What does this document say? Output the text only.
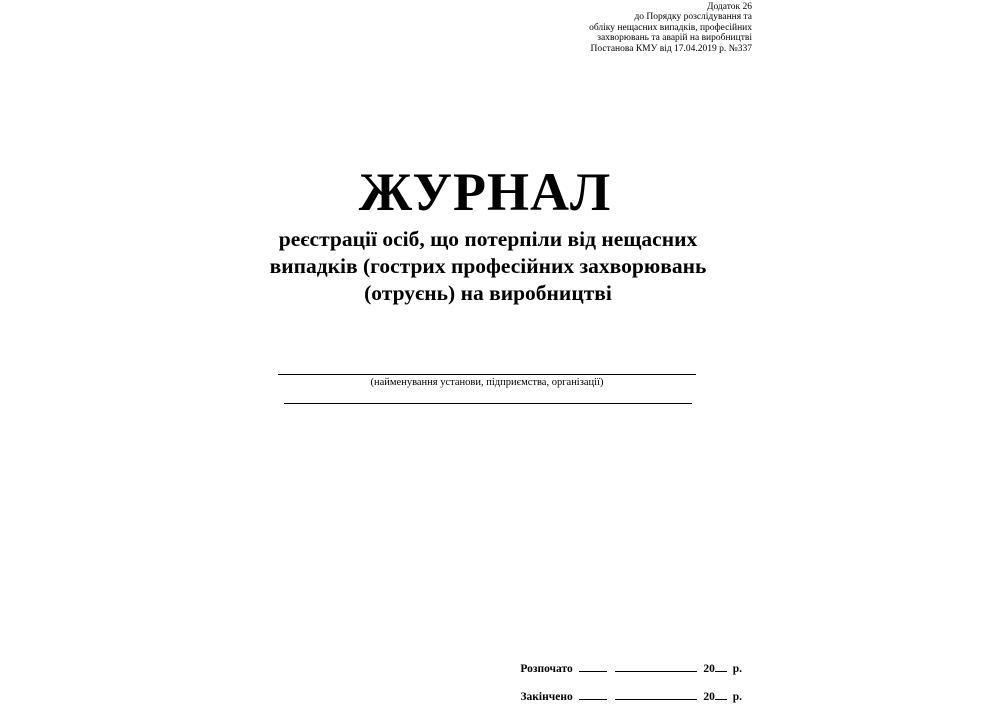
Додаток 26
до Порядку розслідування та
обліку нещасних випадків, професійних
захворювань та аварій на виробництві
Постанова КМУ від 17.04.2019 р. №337
ЖУРНАЛ
реєстрації осіб, що потерпіли від нещасних
випадків (гострих професійних захворювань
(отруєнь) на виробництві
(найменування установи, підприємства, організації)
Розпочато	20 р.
Закінчено	20 р.
